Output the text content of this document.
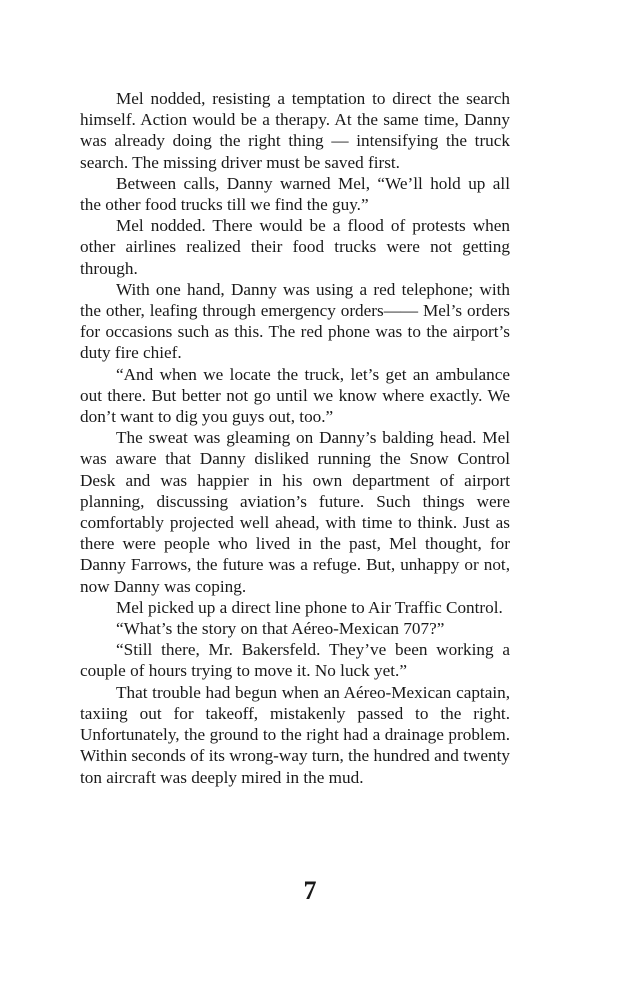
Mel nodded, resisting a temptation to direct the search himself. Action would be a therapy. At the same time, Danny was already doing the right thing — intensifying the truck search. The missing driver must be saved first.

Between calls, Danny warned Mel, “We’ll hold up all the other food trucks till we find the guy.”

Mel nodded. There would be a flood of protests when other airlines realized their food trucks were not getting through.

With one hand, Danny was using a red telephone; with the other, leafing through emergency orders—— Mel’s orders for occasions such as this. The red phone was to the airport’s duty fire chief.

“And when we locate the truck, let’s get an ambulance out there. But better not go until we know where exactly. We don’t want to dig you guys out, too.”

The sweat was gleaming on Danny’s balding head. Mel was aware that Danny disliked running the Snow Control Desk and was happier in his own department of airport planning, discussing aviation’s future. Such things were comfortably projected well ahead, with time to think. Just as there were people who lived in the past, Mel thought, for Danny Farrows, the future was a refuge. But, unhappy or not, now Danny was coping.

Mel picked up a direct line phone to Air Traffic Control.

“What’s the story on that Aéreo-Mexican 707?”

“Still there, Mr. Bakersfeld. They’ve been working a couple of hours trying to move it. No luck yet.”

That trouble had begun when an Aéreo-Mexican captain, taxiing out for takeoff, mistakenly passed to the right. Unfortunately, the ground to the right had a drainage problem. Within seconds of its wrong-way turn, the hundred and twenty ton aircraft was deeply mired in the mud.

7
